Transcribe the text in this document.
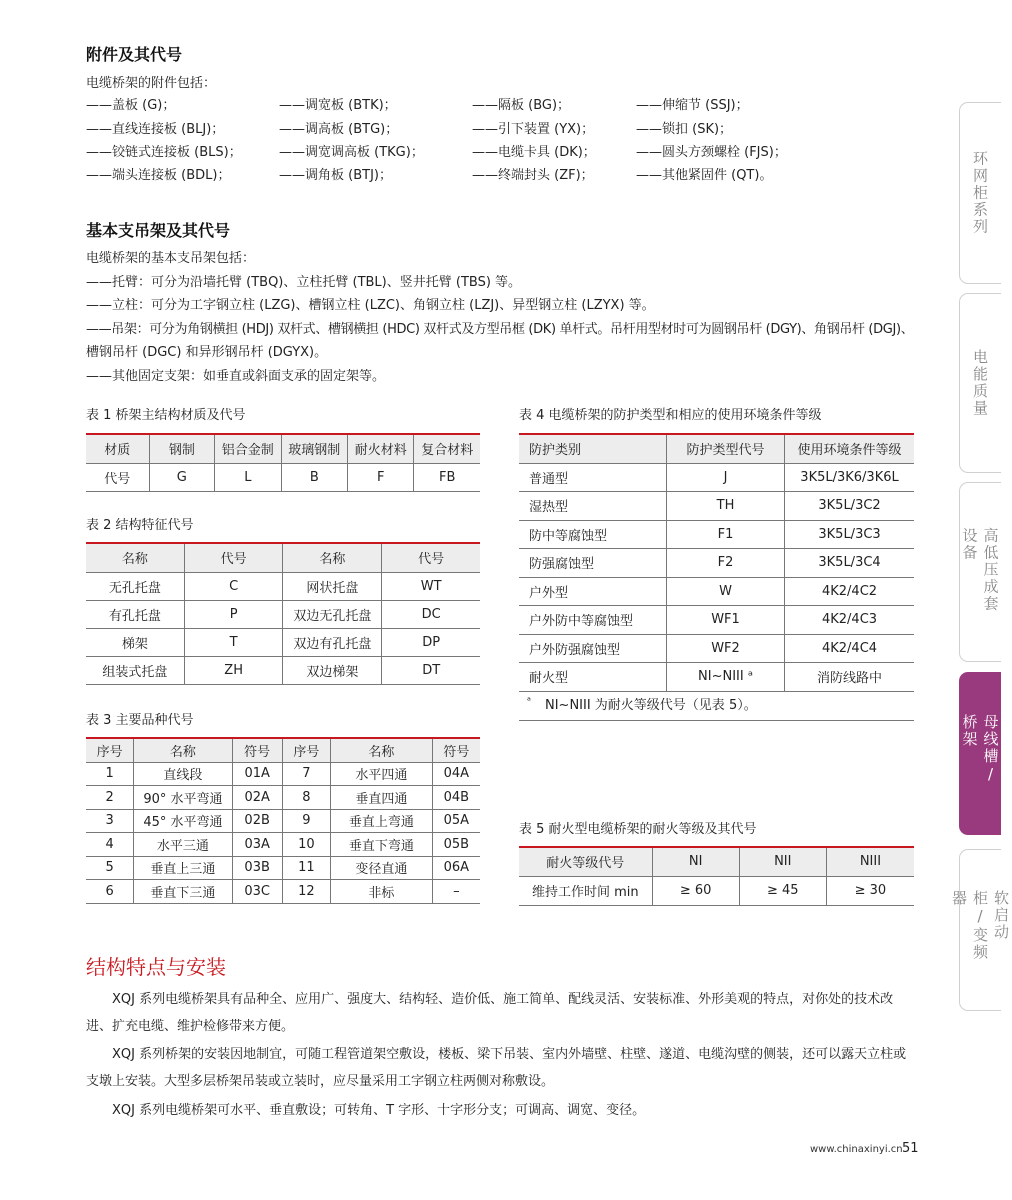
附件及其代号
电缆桥架的附件包括：
——盖板 (G)；	——调宽板 (BTK)；	——隔板 (BG)；	——伸缩节 (SSJ)；
——直线连接板 (BLJ)；	——调高板 (BTG)；	——引下装置 (YX)；	——锁扣 (SK)；
——铰链式连接板 (BLS)；	——调宽调高板 (TKG)；	——电缆卡具 (DK)；	——圆头方颈螺栓 (FJS)；
——端头连接板 (BDL)；	——调角板 (BTJ)；	——终端封头 (ZF)；	——其他紧固件 (QT)。
基本支吊架及其代号
电缆桥架的基本支吊架包括：
——托臂：可分为沿墙托臂 (TBQ)、立柱托臂 (TBL)、竖井托臂 (TBS) 等。
——立柱：可分为工字钢立柱 (LZG)、槽钢立柱 (LZC)、角钢立柱 (LZJ)、异型钢立柱 (LZYX) 等。
——吊架：可分为角钢横担 (HDJ) 双杆式、槽钢横担 (HDC) 双杆式及方型吊框 (DK) 单杆式。吊杆用型材时可为圆钢吊杆 (DGY)、角钢吊杆 (DGJ)、
槽钢吊杆 (DGC) 和异形钢吊杆 (DGYX)。
——其他固定支架：如垂直或斜面支承的固定架等。
表 1 桥架主结构材质及代号
材质	钢制	铝合金制	玻璃钢制	耐火材料	复合材料
代号	G	L	B	F	FB
表 2 结构特征代号
名称	代号	名称	代号
无孔托盘	C	网状托盘	WT
有孔托盘	P	双边无孔托盘	DC
梯架	T	双边有孔托盘	DP
组装式托盘	ZH	双边梯架	DT
表 3 主要品种代号
序号	名称	符号	序号	名称	符号
1	直线段	01A	7	水平四通	04A
2	90° 水平弯通	02A	8	垂直四通	04B
3	45° 水平弯通	02B	9	垂直上弯通	05A
4	水平三通	03A	10	垂直下弯通	05B
5	垂直上三通	03B	11	变径直通	06A
6	垂直下三通	03C	12	非标	–
表 4 电缆桥架的防护类型和相应的使用环境条件等级
防护类别	防护类型代号	使用环境条件等级
普通型	J	3K5L/3K6/3K6L
湿热型	TH	3K5L/3C2
防中等腐蚀型	F1	3K5L/3C3
防强腐蚀型	F2	3K5L/3C4
户外型	W	4K2/4C2
户外防中等腐蚀型	WF1	4K2/4C3
户外防强腐蚀型	WF2	4K2/4C4
耐火型	NI~NIII ᵃ	消防线路中
ᵃ NI~NIII 为耐火等级代号（见表 5）。
表 5 耐火型电缆桥架的耐火等级及其代号
耐火等级代号	NI	NII	NIII
维持工作时间 min	≥ 60	≥ 45	≥ 30
结构特点与安装
XQJ 系列电缆桥架具有品种全、应用广、强度大、结构轻、造价低、施工简单、配线灵活、安装标准、外形美观的特点，对你处的技术改进、扩充电缆、维护检修带来方便。
XQJ 系列桥架的安装因地制宜，可随工程管道架空敷设，楼板、梁下吊装、室内外墙壁、柱壁、遂道、电缆沟壁的侧装，还可以露天立柱或支墩上安装。大型多层桥架吊装或立装时，应尽量采用工字钢立柱两侧对称敷设。
XQJ 系列电缆桥架可水平、垂直敷设；可转角、T 字形、十字形分支；可调高、调宽、变径。
www.chinaxinyi.cn 51
环网柜系列
电能质量
高低压成套设备
母线槽/桥架
软启动柜/变频器
